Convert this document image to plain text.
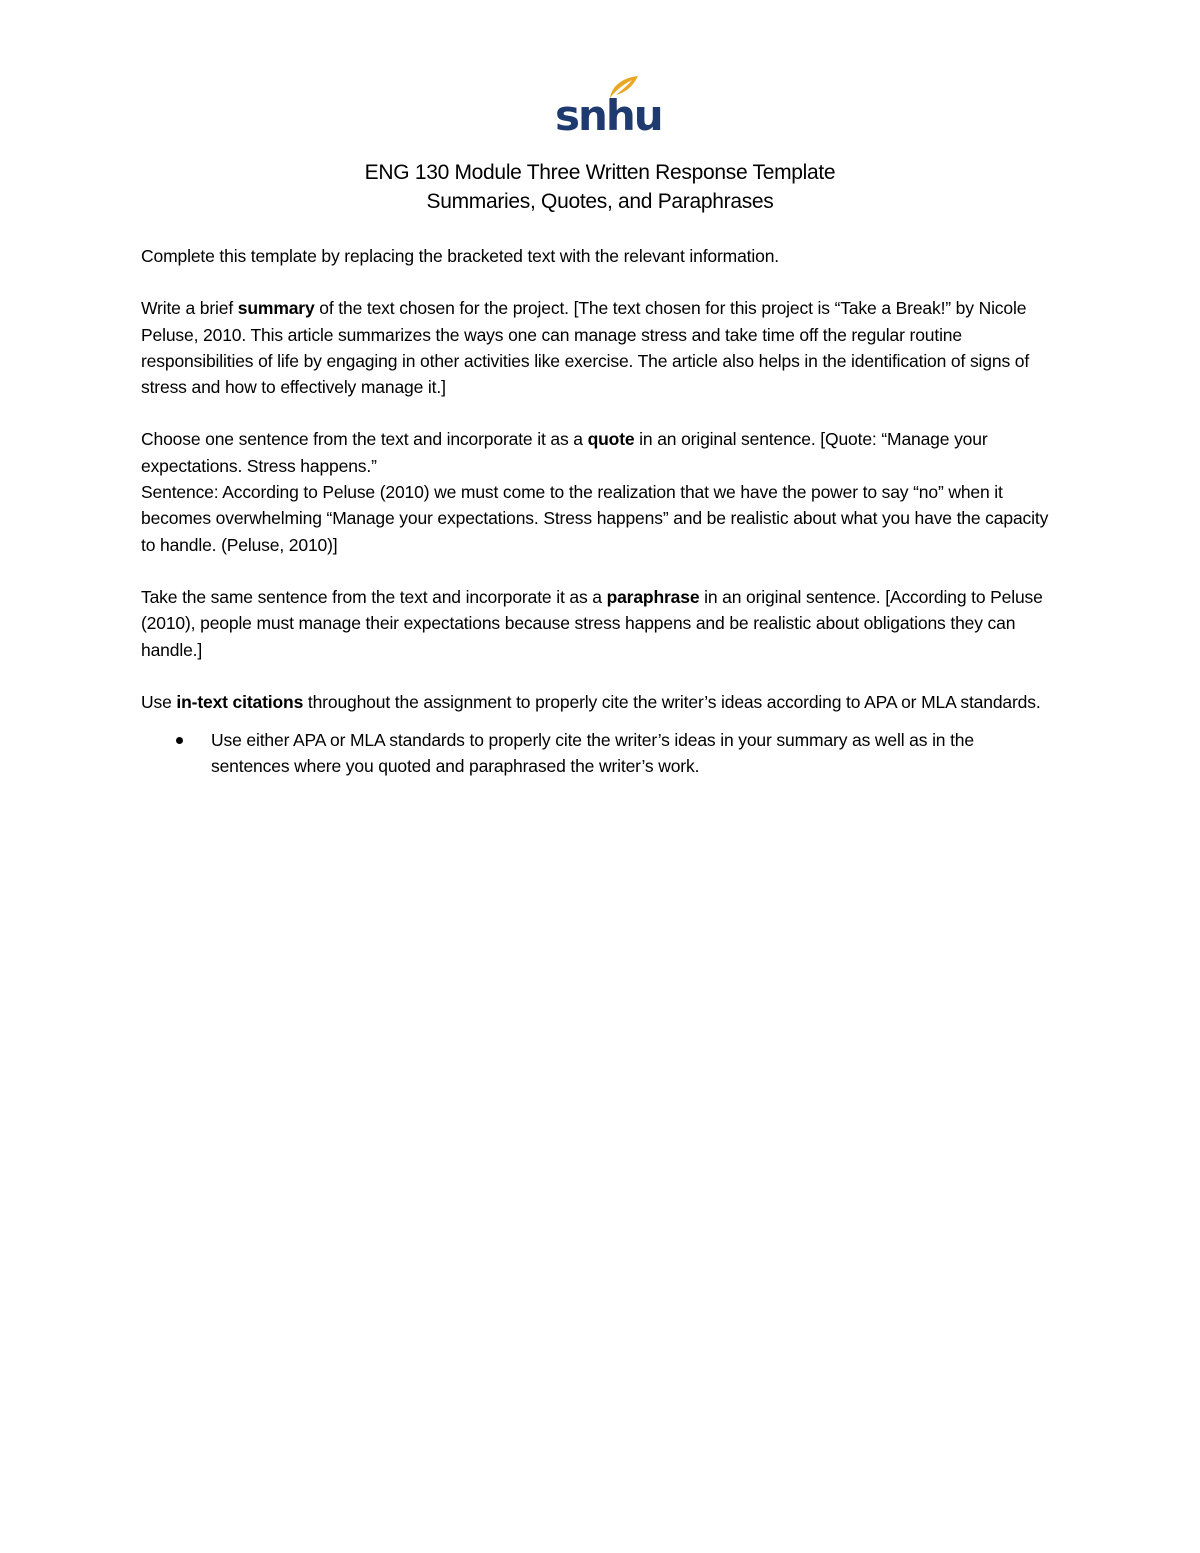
snhu
ENG 130 Module Three Written Response Template
Summaries, Quotes, and Paraphrases

Complete this template by replacing the bracketed text with the relevant information.

Write a brief summary of the text chosen for the project. [The text chosen for this project is “Take a Break!” by Nicole Peluse, 2010. This article summarizes the ways one can manage stress and take time off the regular routine responsibilities of life by engaging in other activities like exercise. The article also helps in the identification of signs of stress and how to effectively manage it.]

Choose one sentence from the text and incorporate it as a quote in an original sentence. [Quote: “Manage your expectations. Stress happens.”

Sentence: According to Peluse (2010) we must come to the realization that we have the power to say “no” when it becomes overwhelming “Manage your expectations. Stress happens” and be realistic about what you have the capacity to handle. (Peluse, 2010)]

Take the same sentence from the text and incorporate it as a paraphrase in an original sentence. [According to Peluse (2010), people must manage their expectations because stress happens and be realistic about obligations they can handle.]

Use in-text citations throughout the assignment to properly cite the writer’s ideas according to APA or MLA standards.

Use either APA or MLA standards to properly cite the writer’s ideas in your summary as well as in the sentences where you quoted and paraphrased the writer’s work.
